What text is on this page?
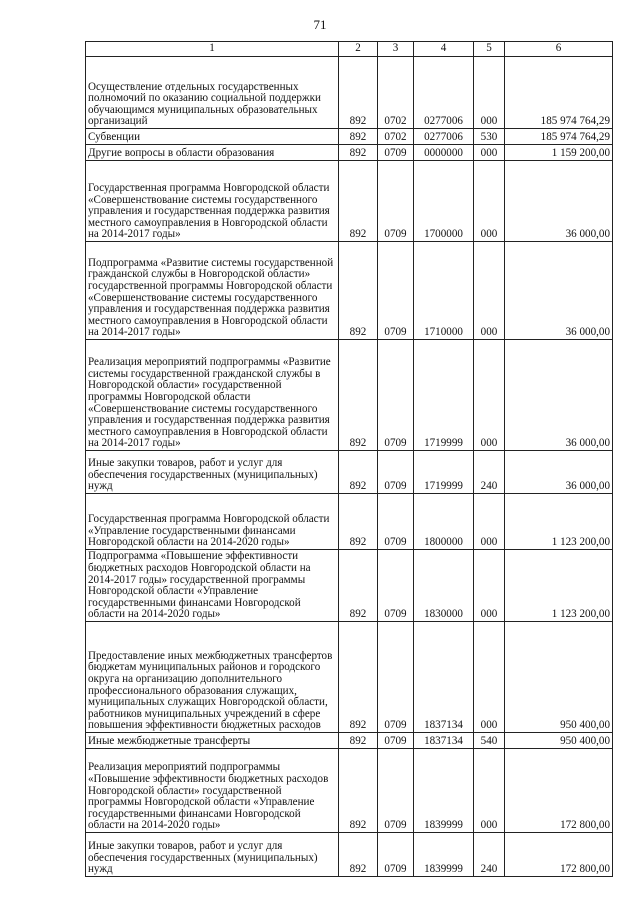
71
1	2	3	4	5	6
Осуществление отдельных государственных полномочий по оказанию социальной поддержки обучающимся муниципальных образовательных организаций	892	0702	0277006	000	185 974 764,29
Субвенции	892	0702	0277006	530	185 974 764,29
Другие вопросы в области образования	892	0709	0000000	000	1 159 200,00
Государственная программа Новгородской области «Совершенствование системы государственного управления и государственная поддержка развития местного самоуправления в Новгородской области на 2014-2017 годы»	892	0709	1700000	000	36 000,00
Подпрограмма «Развитие системы государственной гражданской службы в Новгородской области» государственной программы Новгородской области «Совершенствование системы государственного управления и государственная поддержка развития местного самоуправления в Новгородской области на 2014-2017 годы»	892	0709	1710000	000	36 000,00
Реализация мероприятий подпрограммы «Развитие системы государственной гражданской службы в Новгородской области» государственной программы Новгородской области «Совершенствование системы государственного управления и государственная поддержка развития местного самоуправления в Новгородской области на 2014-2017 годы»	892	0709	1719999	000	36 000,00
Иные закупки товаров, работ и услуг для обеспечения государственных (муниципальных) нужд	892	0709	1719999	240	36 000,00
Государственная программа Новгородской области «Управление государственными финансами Новгородской области на 2014-2020 годы»	892	0709	1800000	000	1 123 200,00
Подпрограмма «Повышение эффективности бюджетных расходов Новгородской области на 2014-2017 годы» государственной программы Новгородской области «Управление государственными финансами Новгородской области на 2014-2020 годы»	892	0709	1830000	000	1 123 200,00
Предоставление иных межбюджетных трансфертов бюджетам муниципальных районов и городского округа на организацию дополнительного профессионального образования служащих, муниципальных служащих Новгородской области, работников муниципальных учреждений в сфере повышения эффективности бюджетных расходов	892	0709	1837134	000	950 400,00
Иные межбюджетные трансферты	892	0709	1837134	540	950 400,00
Реализация мероприятий подпрограммы «Повышение эффективности бюджетных расходов Новгородской области» государственной программы Новгородской области «Управление государственными финансами Новгородской области на 2014-2020 годы»	892	0709	1839999	000	172 800,00
Иные закупки товаров, работ и услуг для обеспечения государственных (муниципальных) нужд	892	0709	1839999	240	172 800,00
